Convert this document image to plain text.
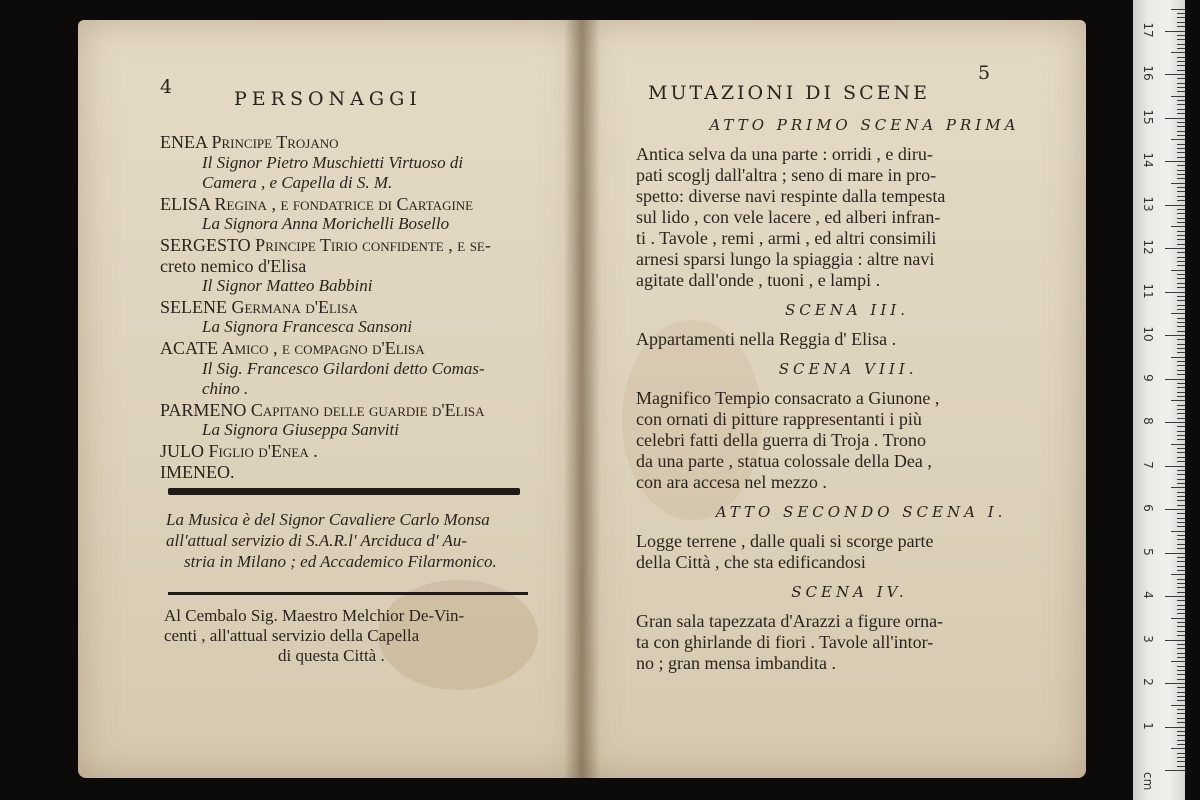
4
PERSONAGGI
ENEA Principe Trojano
Il Signor Pietro Muschietti Virtuoso di
Camera , e Capella di S. M.
ELISA Regina , e fondatrice di Cartagine
La Signora Anna Morichelli Bosello
SERGESTO Principe Tirio confidente , e se-
creto nemico d'Elisa
Il Signor Matteo Babbini
SELENE Germana d'Elisa
La Signora Francesca Sansoni
ACATE Amico , e compagno d'Elisa
Il Sig. Francesco Gilardoni detto Comas-
chino .
PARMENO Capitano delle guardie d'Elisa
La Signora Giuseppa Sanviti
JULO Figlio d'Enea .
IMENEO.
La Musica è del Signor Cavaliere Carlo Monsa
all'attual servizio di S.A.R.l' Arciduca d' Au-
stria in Milano ; ed Accademico Filarmonico.
Al Cembalo Sig. Maestro Melchior De-Vin-
centi , all'attual servizio della Capella
di questa Città .
5
MUTAZIONI DI SCENE
ATTO PRIMO SCENA PRIMA
Antica selva da una parte : orridi , e diru-
pati scoglj dall'altra ; seno di mare in pro-
spetto: diverse navi respinte dalla tempesta
sul lido , con vele lacere , ed alberi infran-
ti . Tavole , remi , armi , ed altri consimili
arnesi sparsi lungo la spiaggia : altre navi
agitate dall'onde , tuoni , e lampi .
SCENA III.
Appartamenti nella Reggia d' Elisa .
SCENA VIII.
Magnifico Tempio consacrato a Giunone ,
con ornati di pitture rappresentanti i più
celebri fatti della guerra di Troja . Trono
da una parte , statua colossale della Dea ,
con ara accesa nel mezzo .
ATTO SECONDO SCENA I.
Logge terrene , dalle quali si scorge parte
della Città , che sta edificandosi
SCENA IV.
Gran sala tapezzata d'Arazzi a figure orna-
ta con ghirlande di fiori . Tavole all'intor-
no ; gran mensa imbandita .
1
2
3
4
5
6
7
8
9
10
11
12
13
14
15
16
17
cm
